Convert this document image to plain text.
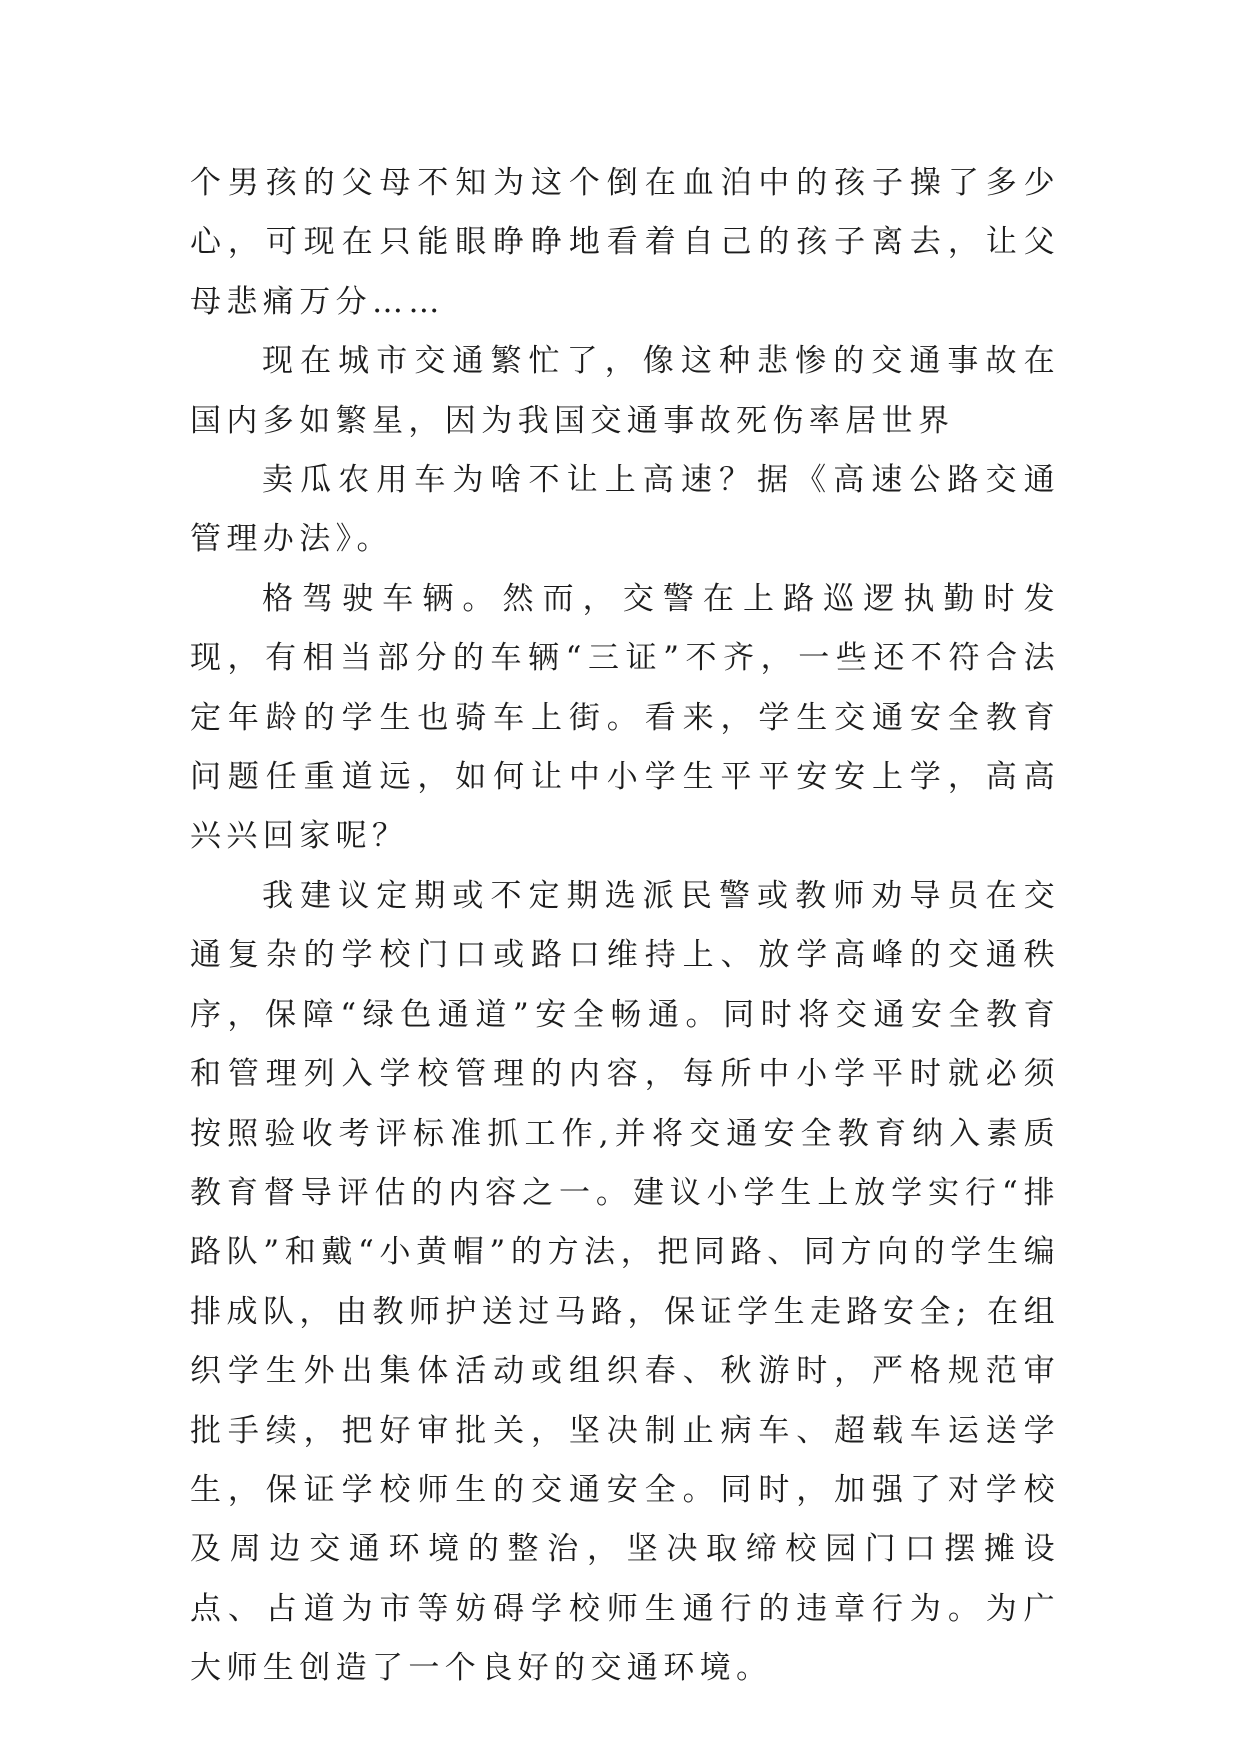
个男孩的父母不知为这个倒在血泊中的孩子操了多少心，可现在只能眼睁睁地看着自己的孩子离去，让父母悲痛万分……

现在城市交通繁忙了，像这种悲惨的交通事故在国内多如繁星，因为我国交通事故死伤率居世界

卖瓜农用车为啥不让上高速？据《高速公路交通管理办法》。

格驾驶车辆。然而，交警在上路巡逻执勤时发现，有相当部分的车辆“三证”不齐，一些还不符合法定年龄的学生也骑车上街。看来，学生交通安全教育问题任重道远，如何让中小学生平平安安上学，高高兴兴回家呢？

我建议定期或不定期选派民警或教师劝导员在交通复杂的学校门口或路口维持上、放学高峰的交通秩序，保障“绿色通道”安全畅通。同时将交通安全教育和管理列入学校管理的内容，每所中小学平时就必须按照验收考评标准抓工作,并将交通安全教育纳入素质教育督导评估的内容之一。建议小学生上放学实行“排路队”和戴“小黄帽”的方法，把同路、同方向的学生编排成队，由教师护送过马路，保证学生走路安全; 在组织学生外出集体活动或组织春、秋游时，严格规范审批手续，把好审批关，坚决制止病车、超载车运送学生，保证学校师生的交通安全。同时，加强了对学校及周边交通环境的整治，坚决取缔校园门口摆摊设点、占道为市等妨碍学校师生通行的违章行为。为广大师生创造了一个良好的交通环境。
